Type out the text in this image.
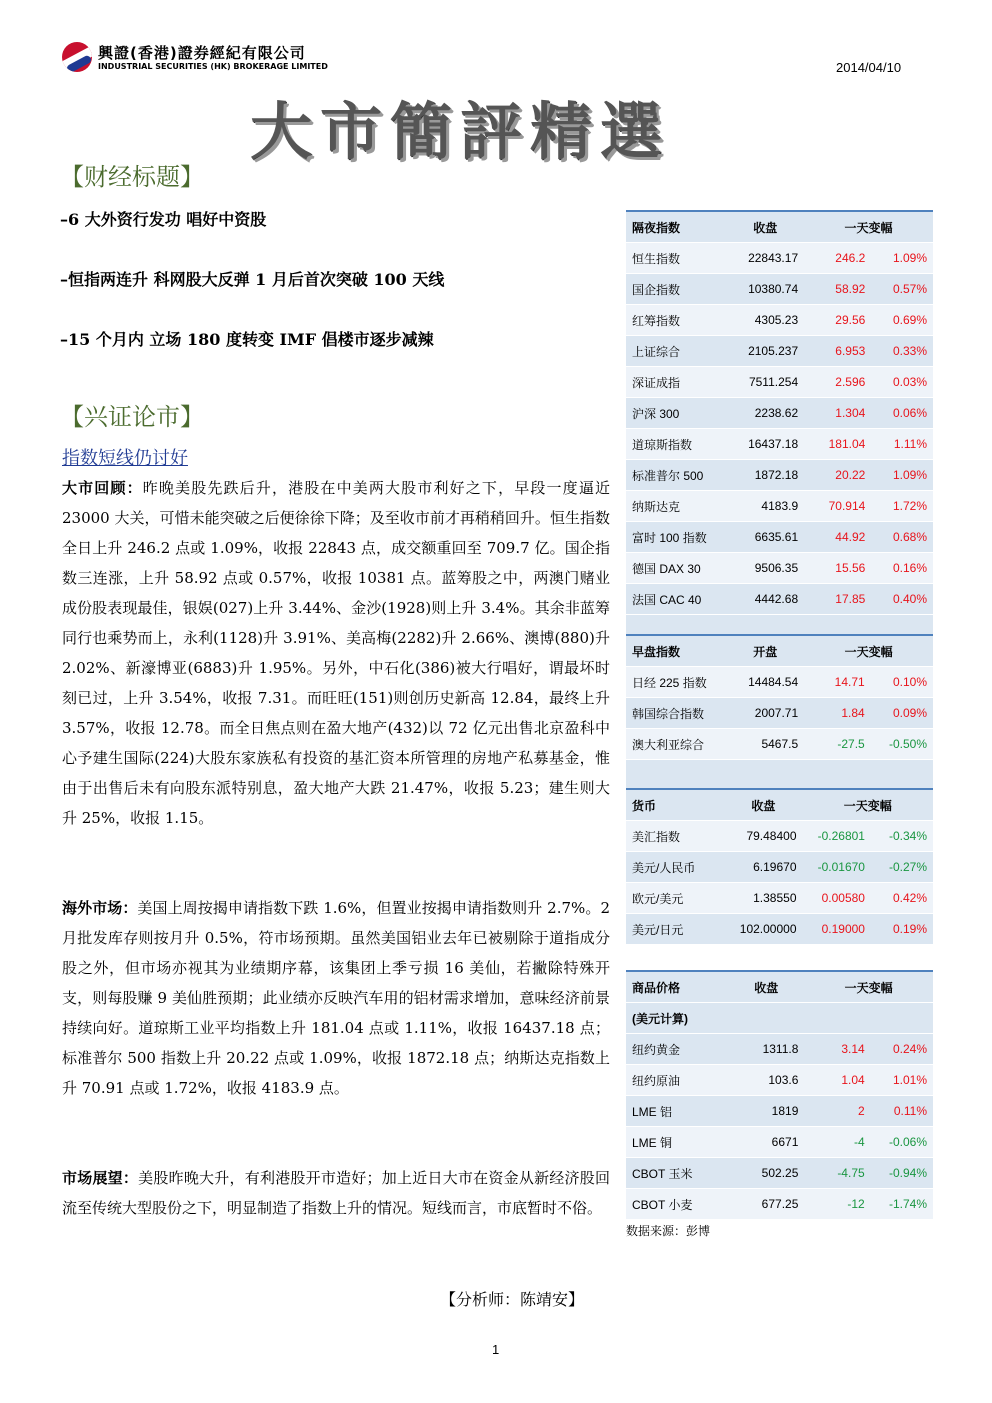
興證(香港)證券經紀有限公司
INDUSTRIAL SECURITIES (HK) BROKERAGE LIMITED	2014/04/10
大市簡評精選
【财经标题】
–6 大外资行发功 唱好中资股
–恒指两连升 科网股大反弹 1 月后首次突破 100 天线
–15 个月内 立场 180 度转变 IMF 倡楼市逐步减辣
【兴证论市】
指数短线仍讨好
大市回顾：昨晚美股先跌后升，港股在中美两大股市利好之下，早段一度逼近 23000 大关，可惜未能突破之后便徐徐下降；及至收市前才再稍稍回升。恒生指数全日上升 246.2 点或 1.09%，收报 22843 点，成交额重回至 709.7 亿。国企指数三连涨，上升 58.92 点或 0.57%，收报 10381 点。蓝筹股之中，两澳门赌业成份股表现最佳，银娱(027)上升 3.44%、金沙(1928)则上升 3.4%。其余非蓝筹同行也乘势而上，永利(1128)升 3.91%、美高梅(2282)升 2.66%、澳博(880)升 2.02%、新濠博亚(6883)升 1.95%。另外，中石化(386)被大行唱好，谓最坏时刻已过，上升 3.54%，收报 7.31。而旺旺(151)则创历史新高 12.84，最终上升 3.57%，收报 12.78。而全日焦点则在盈大地产(432)以 72 亿元出售北京盈科中心予建生国际(224)大股东家族私有投资的基汇资本所管理的房地产私募基金，惟由于出售后未有向股东派特别息，盈大地产大跌 21.47%，收报 5.23；建生则大升 25%，收报 1.15。
海外市场：美国上周按揭申请指数下跌 1.6%，但置业按揭申请指数则升 2.7%。2 月批发库存则按月升 0.5%，符市场预期。虽然美国铝业去年已被剔除于道指成分股之外，但市场亦视其为业绩期序幕，该集团上季亏损 16 美仙，若撇除特殊开支，则每股赚 9 美仙胜预期；此业绩亦反映汽车用的铝材需求增加，意味经济前景持续向好。道琼斯工业平均指数上升 181.04 点或 1.11%，收报 16437.18 点；标准普尔 500 指数上升 20.22 点或 1.09%，收报 1872.18 点；纳斯达克指数上升 70.91 点或 1.72%，收报 4183.9 点。
市场展望：美股昨晚大升，有利港股开市造好；加上近日大市在资金从新经济股回流至传统大型股份之下，明显制造了指数上升的情况。短线而言，市底暂时不俗。
【分析师：陈靖安】
1
隔夜指数	收盘	一天变幅	
恒生指数	22843.17	246.2	1.09%
国企指数	10380.74	58.92	0.57%
红筹指数	4305.23	29.56	0.69%
上证综合	2105.237	6.953	0.33%
深证成指	7511.254	2.596	0.03%
沪深 300	2238.62	1.304	0.06%
道琼斯指数	16437.18	181.04	1.11%
标准普尔 500	1872.18	20.22	1.09%
纳斯达克	4183.9	70.914	1.72%
富时 100 指数	6635.61	44.92	0.68%
德国 DAX 30	9506.35	15.56	0.16%
法国 CAC 40	4442.68	17.85	0.40%

早盘指数	开盘	一天变幅	
日经 225 指数	14484.54	14.71	0.10%
韩国综合指数	2007.71	1.84	0.09%
澳大利亚综合	5467.5	-27.5	-0.50%

货币	收盘	一天变幅	
美汇指数	79.48400	-0.26801	-0.34%
美元/人民币	6.19670	-0.01670	-0.27%
欧元/美元	1.38550	0.00580	0.42%
美元/日元	102.00000	0.19000	0.19%
商品价格	收盘	一天变幅	
(美元计算)			
纽约黄金	1311.8	3.14	0.24%
纽约原油	103.6	1.04	1.01%
LME 铝	1819	2	0.11%
LME 铜	6671	-4	-0.06%
CBOT 玉米	502.25	-4.75	-0.94%
CBOT 小麦	677.25	-12	-1.74%
数据来源：彭博
